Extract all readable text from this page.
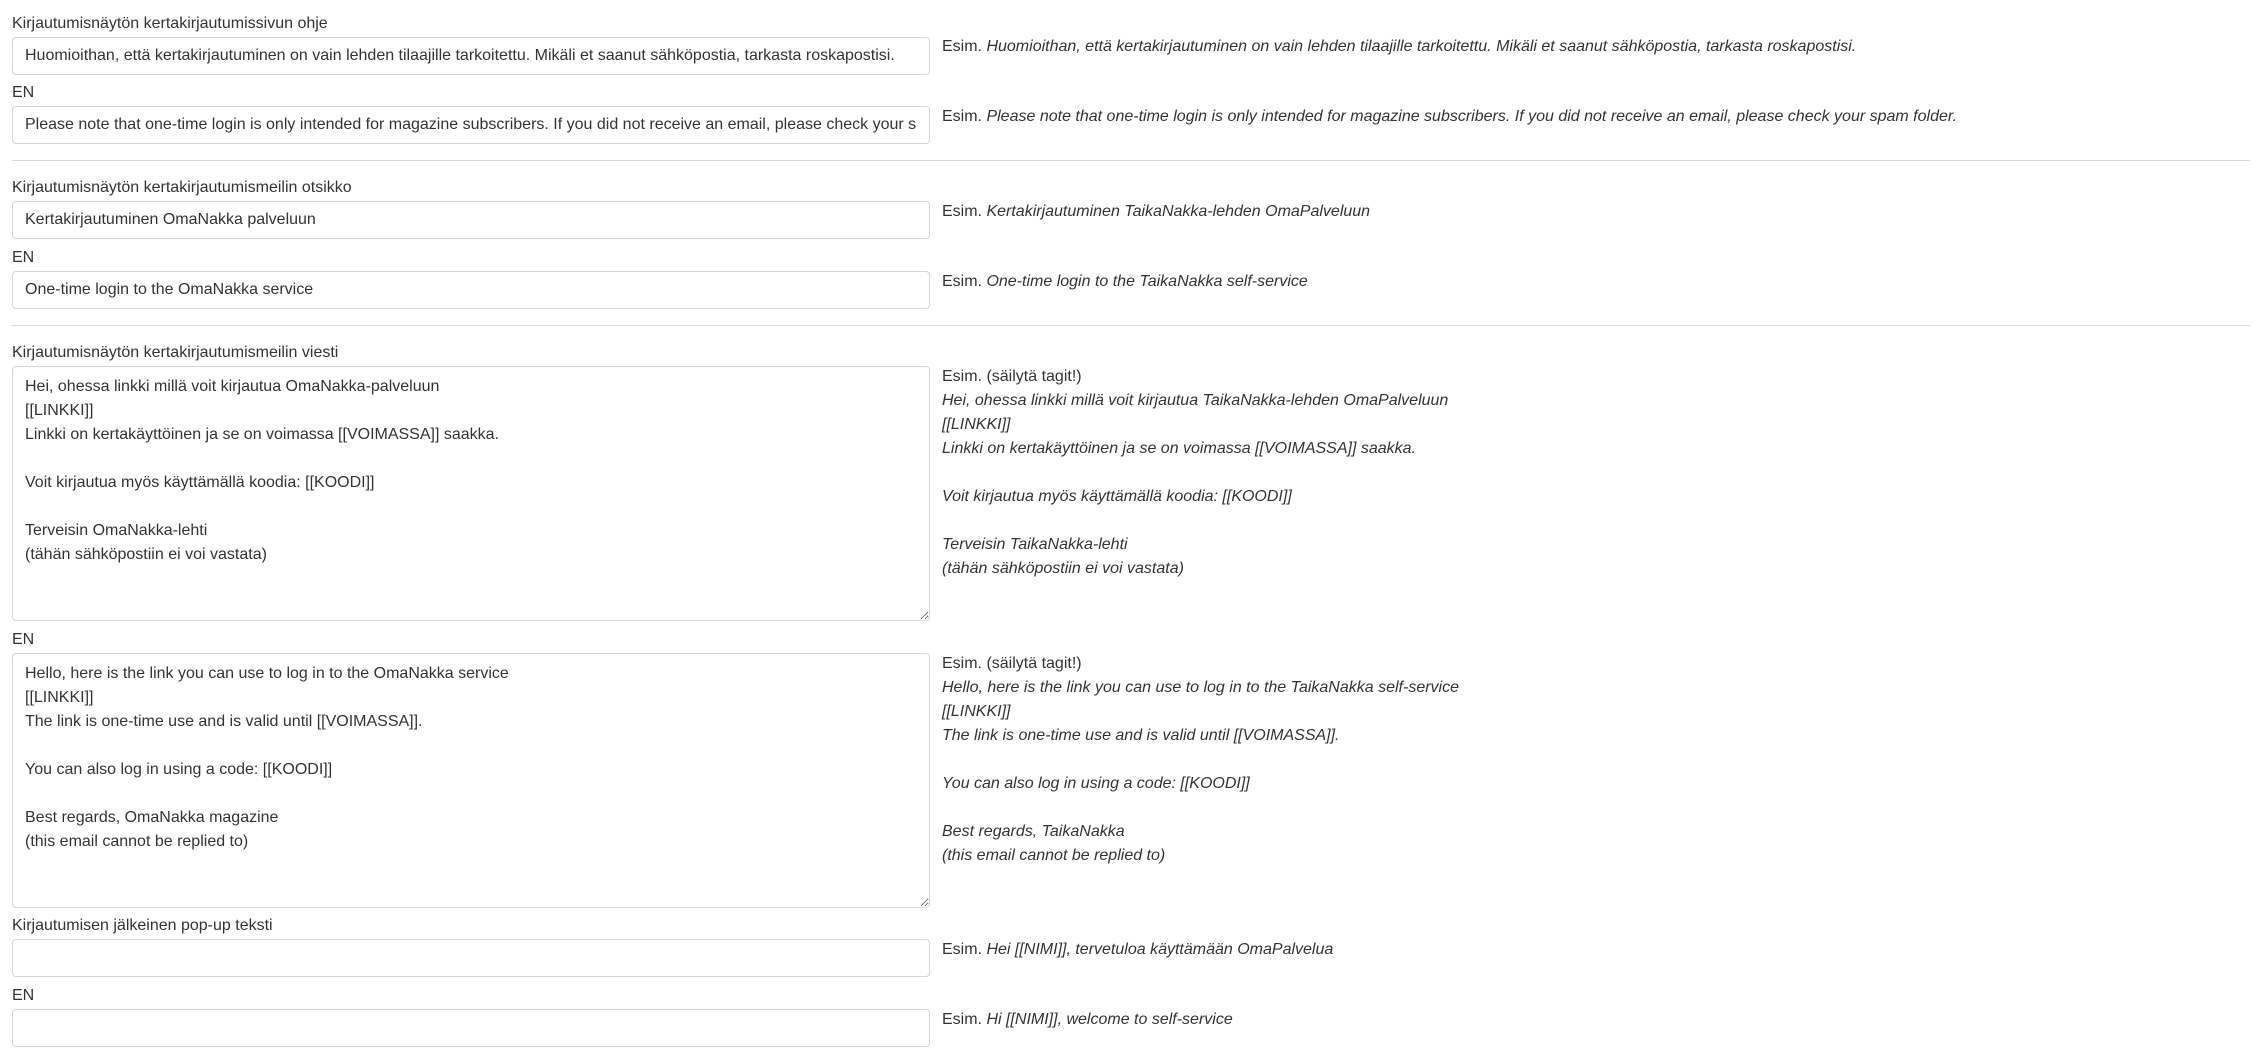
Kirjautumisnäytön kertakirjautumissivun ohje
Huomioithan, että kertakirjautuminen on vain lehden tilaajille tarkoitettu. Mikäli et saanut sähköpostia, tarkasta roskapostisi.
Esim. Huomioithan, että kertakirjautuminen on vain lehden tilaajille tarkoitettu. Mikäli et saanut sähköpostia, tarkasta roskapostisi.
EN
Please note that one-time login is only intended for magazine subscribers. If you did not receive an email, please check your spam folder.
Esim. Please note that one-time login is only intended for magazine subscribers. If you did not receive an email, please check your spam folder.
Kirjautumisnäytön kertakirjautumismeilin otsikko
Kertakirjautuminen OmaNakka palveluun
Esim. Kertakirjautuminen TaikaNakka-lehden OmaPalveluun
EN
One-time login to the OmaNakka service
Esim. One-time login to the TaikaNakka self-service
Kirjautumisnäytön kertakirjautumismeilin viesti
Hei, ohessa linkki millä voit kirjautua OmaNakka-palveluun [[LINKKI]] Linkki on kertakäyttöinen ja se on voimassa [[VOIMASSA]] saakka. Voit kirjautua myös käyttämällä koodia: [[KOODI]] Terveisin OmaNakka-lehti (tähän sähköpostiin ei voi vastata)
Esim. (säilytä tagit!)
Hei, ohessa linkki millä voit kirjautua TaikaNakka-lehden OmaPalveluun
[[LINKKI]]
Linkki on kertakäyttöinen ja se on voimassa [[VOIMASSA]] saakka.

Voit kirjautua myös käyttämällä koodia: [[KOODI]]

Terveisin TaikaNakka-lehti
(tähän sähköpostiin ei voi vastata)
EN
Hello, here is the link you can use to log in to the OmaNakka service [[LINKKI]] The link is one-time use and is valid until [[VOIMASSA]]. You can also log in using a code: [[KOODI]] Best regards, OmaNakka magazine (this email cannot be replied to)
Esim. (säilytä tagit!)
Hello, here is the link you can use to log in to the TaikaNakka self-service
[[LINKKI]]
The link is one-time use and is valid until [[VOIMASSA]].

You can also log in using a code: [[KOODI]]

Best regards, TaikaNakka
(this email cannot be replied to)
Kirjautumisen jälkeinen pop-up teksti
Esim. Hei [[NIMI]], tervetuloa käyttämään OmaPalvelua
EN
Esim. Hi [[NIMI]], welcome to self-service
